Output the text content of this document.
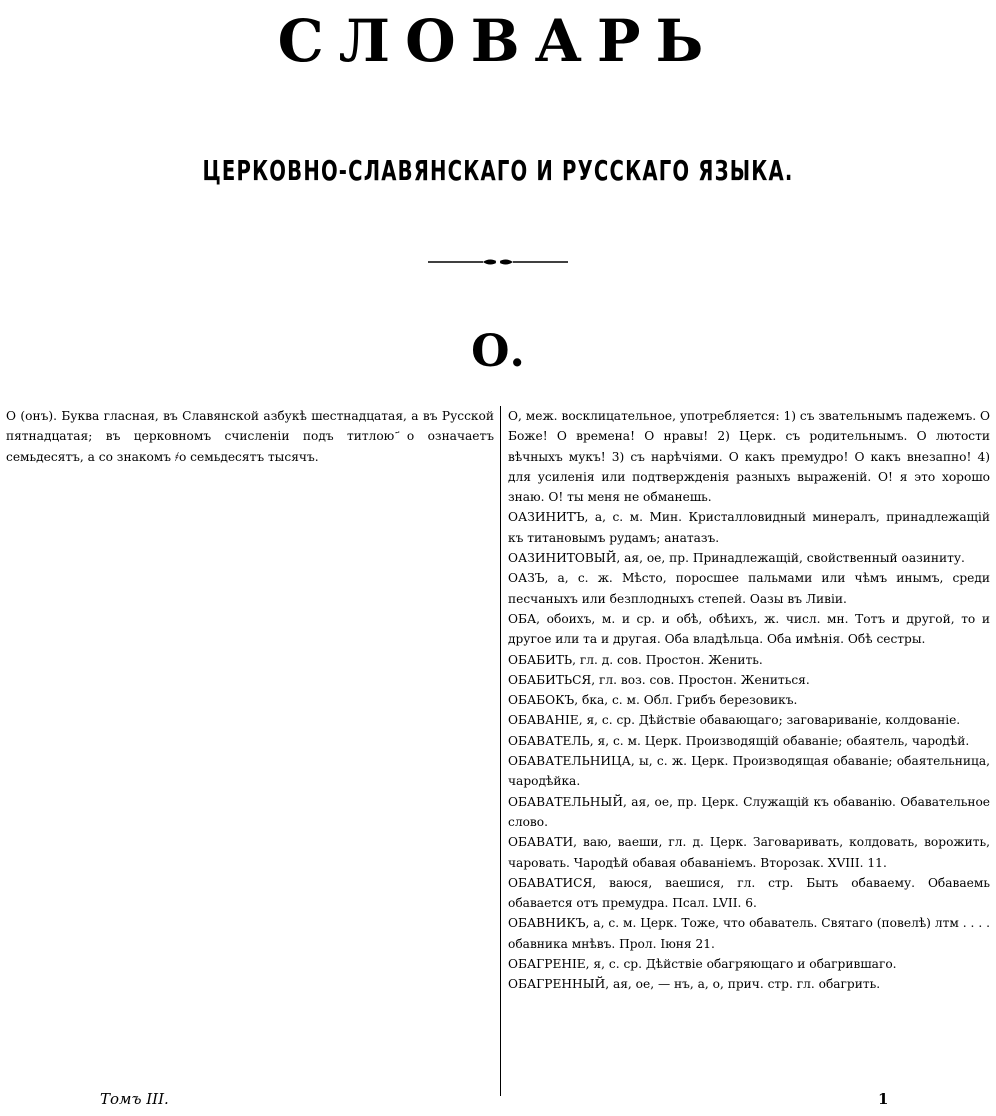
СЛОВАРЬ
ЦЕРКОВНО-СЛАВЯНСКАГО И РУССКАГО ЯЗЫКА.
О.

О (онъ). Буква гласная, въ Славянской азбукѣ шестнадцатая, а въ Русской пятнадцатая; въ церковномъ счисленіи подъ титлою ҃о означаетъ семьдесятъ, а со знакомъ ҂о семьдесятъ тысячъ.

О, меж. восклицательное, употребляется: 1) съ звательнымъ падежемъ. О Боже! О времена! О нравы! 2) Церк. съ родительнымъ. О лютости вѣчныхъ мукъ! 3) съ нарѣчіями. О какъ премудро! О какъ внезапно! 4) для усиленія или подтвержденія разныхъ выраженій. О! я это хорошо знаю. О! ты меня не обманешь.

ОАЗИНИТЪ, а, с. м. Мин. Кристалловидный минералъ, принадлежащій къ титановымъ рудамъ; анатазъ.

ОАЗИНИТОВЫЙ, ая, ое, пр. Принадлежащій, свойственный оазиниту.

ОАЗЪ, а, с. ж. Мѣсто, поросшее пальмами или чѣмъ инымъ, среди песчаныхъ или безплодныхъ степей. Оазы въ Ливіи.

ОБА, обоихъ, м. и ср. и обѣ, обѣихъ, ж. числ. мн. Тотъ и другой, то и другое или та и другая. Оба владѣльца. Оба имѣнія. Обѣ сестры.

ОБАБИТЬ, гл. д. сов. Простон. Женить.

ОБАБИТЬСЯ, гл. воз. сов. Простон. Жениться.

ОБАБОКЪ, бка, с. м. Обл. Грибъ березовикъ.

ОБАВАНІЕ, я, с. ср. Дѣйствіе обавающаго; заговариваніе, колдованіе.

ОБАВАТЕЛЬ, я, с. м. Церк. Производящій обаваніе; обаятель, чародѣй.

ОБАВАТЕЛЬНИЦА, ы, с. ж. Церк. Производящая обаваніе; обаятельница, чародѣйка.

ОБАВАТЕЛЬНЫЙ, ая, ое, пр. Церк. Служащій къ обаванію. Обавательное слово.

ОБАВАТИ, ваю, ваеши, гл. д. Церк. Заговаривать, колдовать, ворожить, чаровать. Чародѣй обавая обаваніемъ. Второзак. XVIII. 11.

ОБАВАТИСЯ, ваюся, ваешися, гл. стр. Быть обаваему. Обаваемь обавается отъ премудра. Псал. LVII. 6.

ОБАВНИКЪ, а, с. м. Церк. Тоже, что обаватель. Святаго (повелѣ) лтм . . . . обавника мнѣвъ. Прол. Іюня 21.

ОБАГРЕНІЕ, я, с. ср. Дѣйствіе обагряющаго и обагрившаго.

ОБАГРЕННЫЙ, ая, ое, — нъ, а, о, прич. стр. гл. обагрить.

Томъ III.	1
